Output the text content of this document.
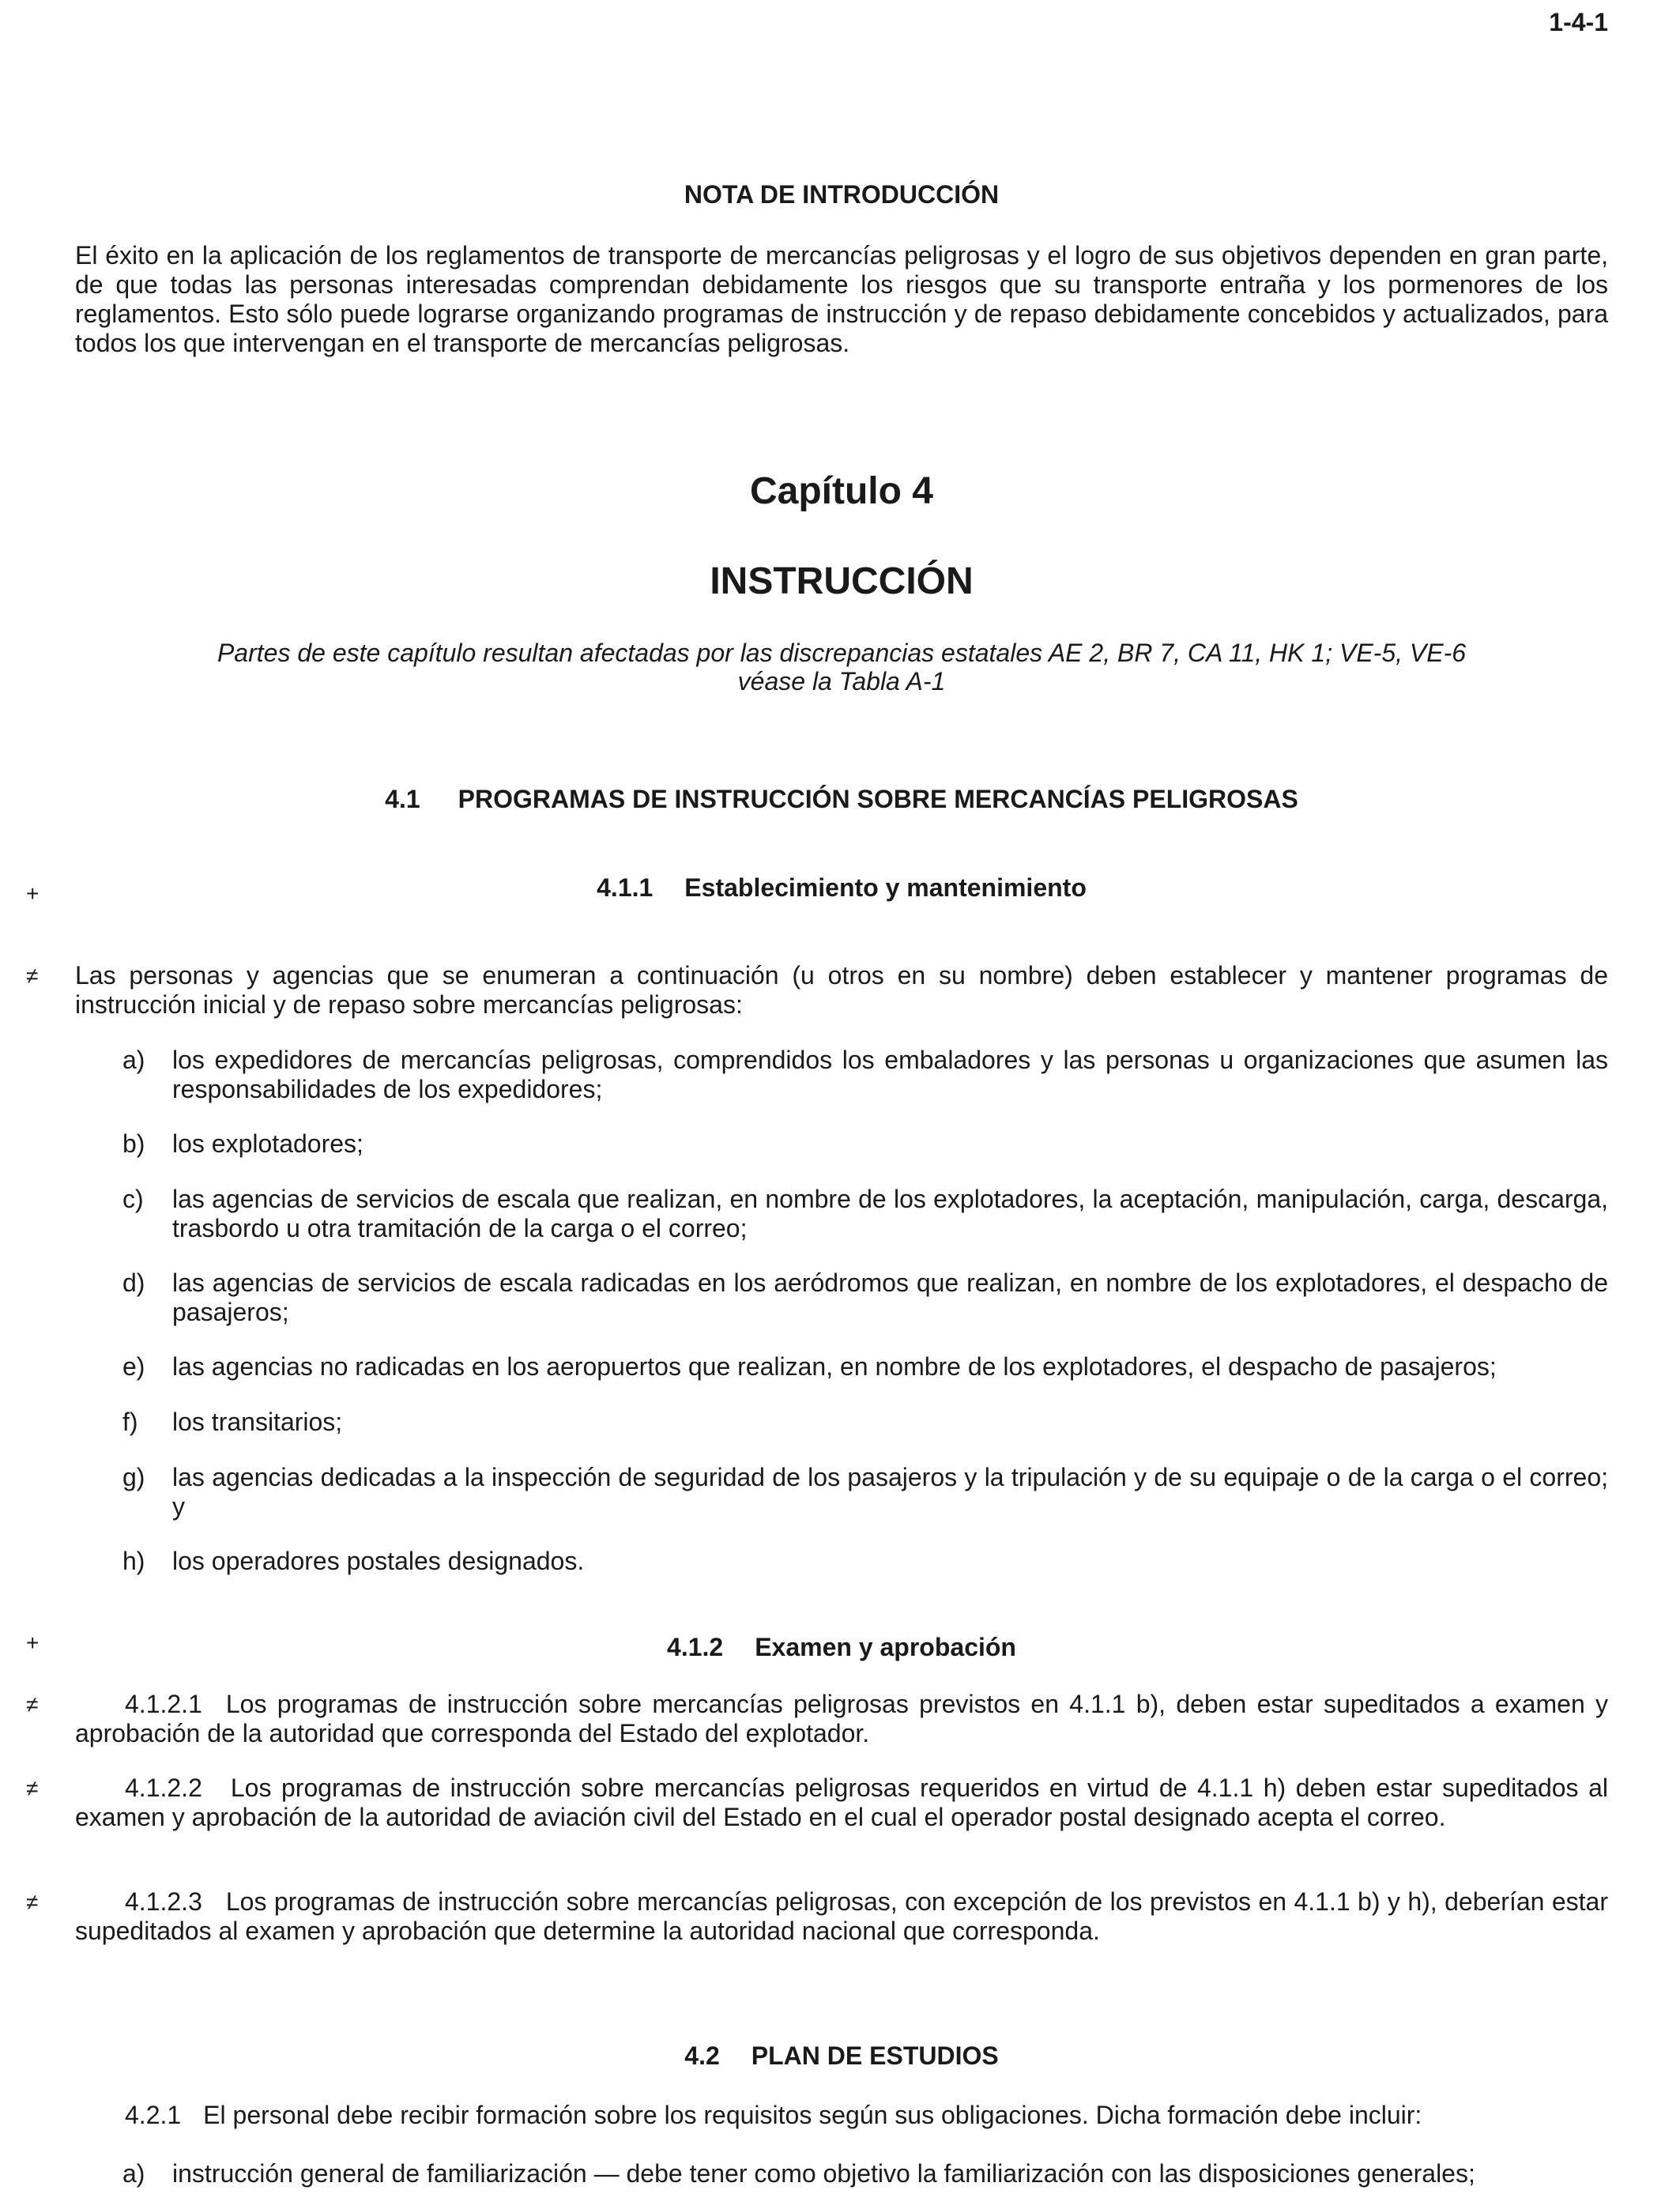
1-4-1
NOTA DE INTRODUCCIÓN
El éxito en la aplicación de los reglamentos de transporte de mercancías peligrosas y el logro de sus objetivos dependen en gran parte, de que todas las personas interesadas comprendan debidamente los riesgos que su transporte entraña y los pormenores de los reglamentos. Esto sólo puede lograrse organizando programas de instrucción y de repaso debidamente concebidos y actualizados, para todos los que intervengan en el transporte de mercancías peligrosas.
Capítulo 4
INSTRUCCIÓN
Partes de este capítulo resultan afectadas por las discrepancias estatales AE 2, BR 7, CA 11, HK 1; VE-5, VE-6
véase la Tabla A-1
4.1 PROGRAMAS DE INSTRUCCIÓN SOBRE MERCANCÍAS PELIGROSAS
+	4.1.1 Establecimiento y mantenimiento
≠ Las personas y agencias que se enumeran a continuación (u otros en su nombre) deben establecer y mantener programas de instrucción inicial y de repaso sobre mercancías peligrosas:
a)	los expedidores de mercancías peligrosas, comprendidos los embaladores y las personas u organizaciones que asumen las responsabilidades de los expedidores;
b)	los explotadores;
c)	las agencias de servicios de escala que realizan, en nombre de los explotadores, la aceptación, manipulación, carga, descarga, trasbordo u otra tramitación de la carga o el correo;
d)	las agencias de servicios de escala radicadas en los aeródromos que realizan, en nombre de los explotadores, el despacho de pasajeros;
e)	las agencias no radicadas en los aeropuertos que realizan, en nombre de los explotadores, el despacho de pasajeros;
f)	los transitarios;
g)	las agencias dedicadas a la inspección de seguridad de los pasajeros y la tripulación y de su equipaje o de la carga o el correo; y
h)	los operadores postales designados.
+	4.1.2 Examen y aprobación
≠	4.1.2.1 Los programas de instrucción sobre mercancías peligrosas previstos en 4.1.1 b), deben estar supeditados a examen y aprobación de la autoridad que corresponda del Estado del explotador.
≠	4.1.2.2 Los programas de instrucción sobre mercancías peligrosas requeridos en virtud de 4.1.1 h) deben estar supeditados al examen y aprobación de la autoridad de aviación civil del Estado en el cual el operador postal designado acepta el correo.
≠	4.1.2.3 Los programas de instrucción sobre mercancías peligrosas, con excepción de los previstos en 4.1.1 b) y h), deberían estar supeditados al examen y aprobación que determine la autoridad nacional que corresponda.
4.2 PLAN DE ESTUDIOS
4.2.1 El personal debe recibir formación sobre los requisitos según sus obligaciones. Dicha formación debe incluir:
a)	instrucción general de familiarización — debe tener como objetivo la familiarización con las disposiciones generales;
